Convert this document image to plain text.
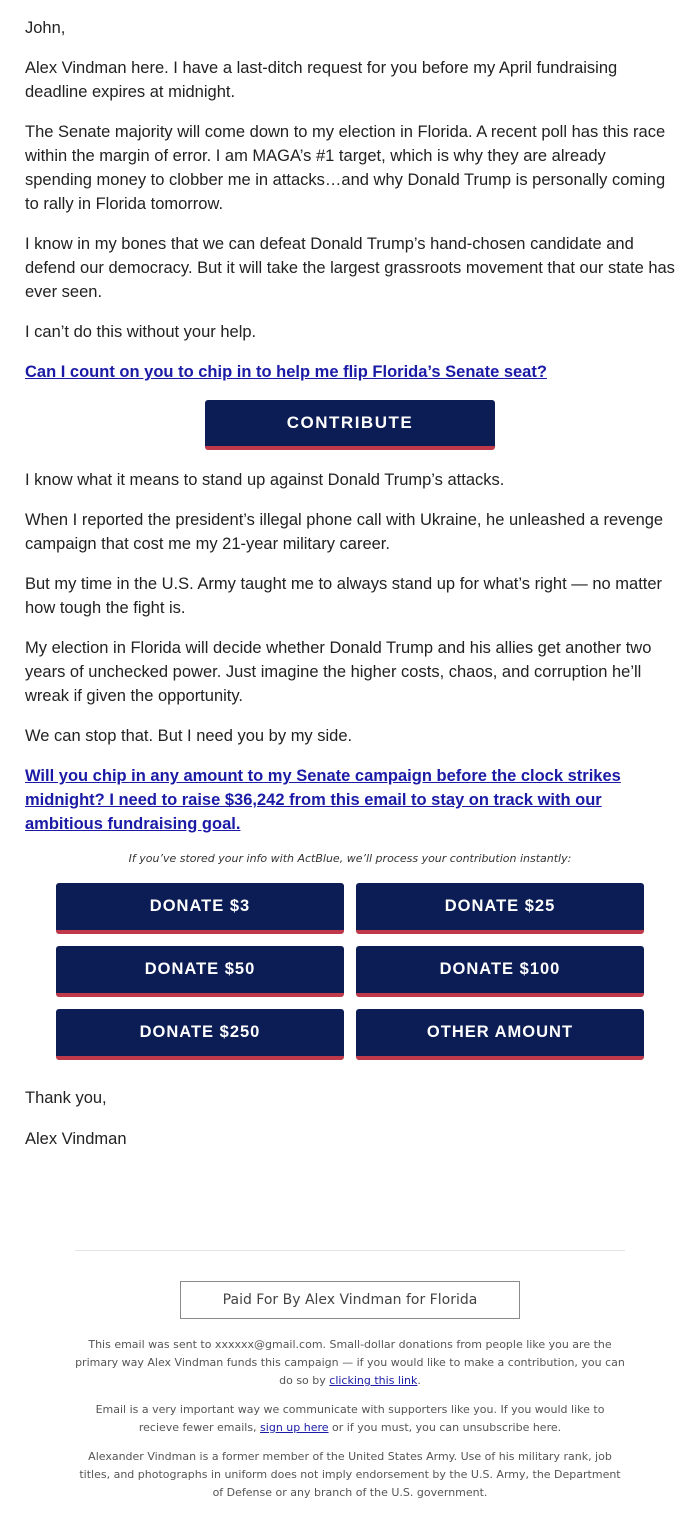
John,

Alex Vindman here. I have a last-ditch request for you before my April fundraising deadline expires at midnight.

The Senate majority will come down to my election in Florida. A recent poll has this race within the margin of error. I am MAGA’s #1 target, which is why they are already spending money to clobber me in attacks…and why Donald Trump is personally coming to rally in Florida tomorrow.

I know in my bones that we can defeat Donald Trump’s hand-chosen candidate and defend our democracy. But it will take the largest grassroots movement that our state has ever seen.

I can’t do this without your help.

Can I count on you to chip in to help me flip Florida’s Senate seat?

CONTRIBUTE

I know what it means to stand up against Donald Trump’s attacks.

When I reported the president’s illegal phone call with Ukraine, he unleashed a revenge campaign that cost me my 21-year military career.

But my time in the U.S. Army taught me to always stand up for what’s right — no matter how tough the fight is.

My election in Florida will decide whether Donald Trump and his allies get another two years of unchecked power. Just imagine the higher costs, chaos, and corruption he’ll wreak if given the opportunity.

We can stop that. But I need you by my side.

Will you chip in any amount to my Senate campaign before the clock strikes midnight? I need to raise $36,242 from this email to stay on track with our ambitious fundraising goal.

If you’ve stored your info with ActBlue, we’ll process your contribution instantly:
DONATE $3	DONATE $25
DONATE $50	DONATE $100
DONATE $250	OTHER AMOUNT

Thank you,

Alex Vindman

Paid For By Alex Vindman for Florida

This email was sent to xxxxxx@gmail.com. Small-dollar donations from people like you are the primary way Alex Vindman funds this campaign — if you would like to make a contribution, you can do so by clicking this link.

Email is a very important way we communicate with supporters like you. If you would like to recieve fewer emails, sign up here or if you must, you can unsubscribe here.

Alexander Vindman is a former member of the United States Army. Use of his military rank, job titles, and photographs in uniform does not imply endorsement by the U.S. Army, the Department of Defense or any branch of the U.S. government.
